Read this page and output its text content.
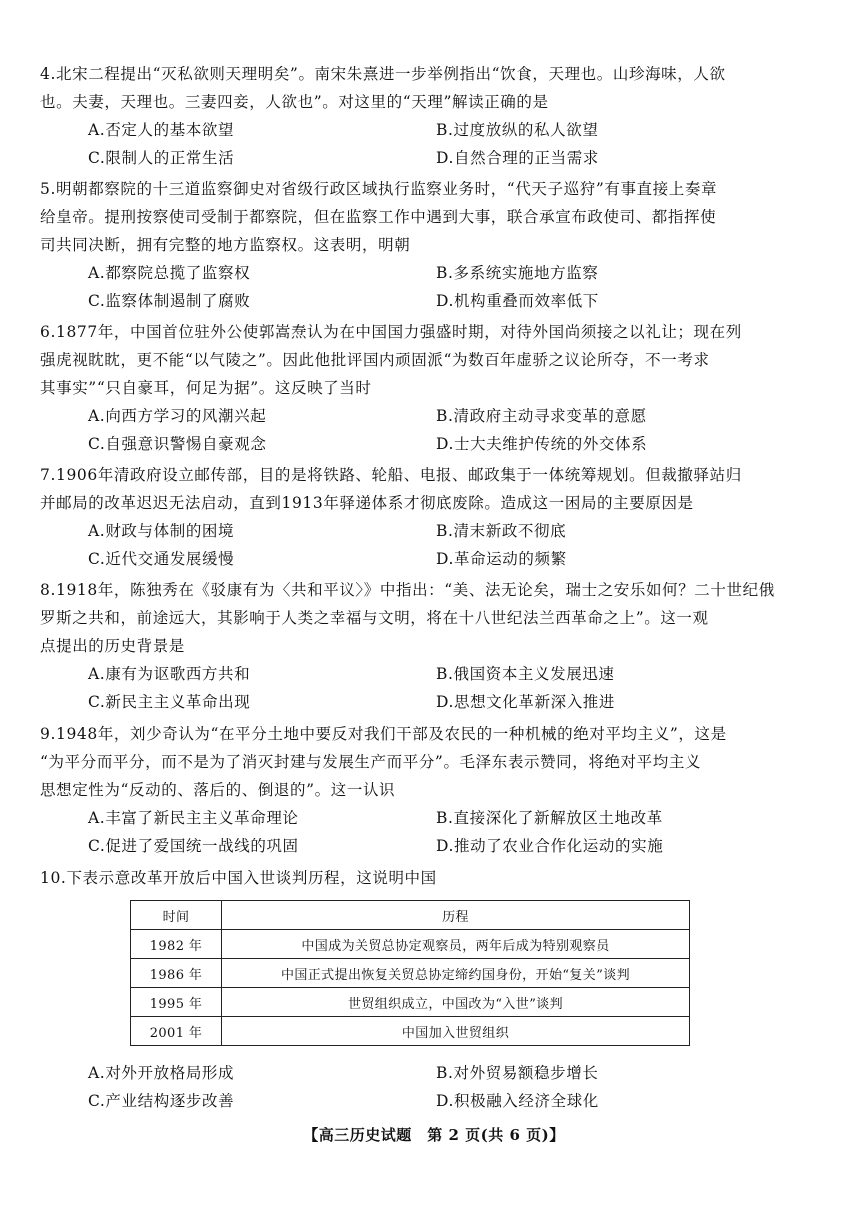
4.北宋二程提出“灭私欲则天理明矣”。南宋朱熹进一步举例指出“饮食，天理也。山珍海味，人欲

也。夫妻，天理也。三妻四妾，人欲也”。对这里的“天理”解读正确的是

A.否定人的基本欲望	B.过度放纵的私人欲望
C.限制人的正常生活	D.自然合理的正当需求

5.明朝都察院的十三道监察御史对省级行政区域执行监察业务时，“代天子巡狩”有事直接上奏章

给皇帝。提刑按察使司受制于都察院，但在监察工作中遇到大事，联合承宣布政使司、都指挥使

司共同决断，拥有完整的地方监察权。这表明，明朝

A.都察院总揽了监察权	B.多系统实施地方监察
C.监察体制遏制了腐败	D.机构重叠而效率低下

6.1877年，中国首位驻外公使郭嵩焘认为在中国国力强盛时期，对待外国尚须接之以礼让；现在列

强虎视眈眈，更不能“以气陵之”。因此他批评国内顽固派“为数百年虚骄之议论所夺，不一考求

其事实”“只自豪耳，何足为据”。这反映了当时

A.向西方学习的风潮兴起	B.清政府主动寻求变革的意愿
C.自强意识警惕自豪观念	D.士大夫维护传统的外交体系

7.1906年清政府设立邮传部，目的是将铁路、轮船、电报、邮政集于一体统筹规划。但裁撤驿站归

并邮局的改革迟迟无法启动，直到1913年驿递体系才彻底废除。造成这一困局的主要原因是

A.财政与体制的困境	B.清末新政不彻底
C.近代交通发展缓慢	D.革命运动的频繁

8.1918年，陈独秀在《驳康有为〈共和平议〉》中指出：“美、法无论矣，瑞士之安乐如何？二十世纪俄

罗斯之共和，前途远大，其影响于人类之幸福与文明，将在十八世纪法兰西革命之上”。这一观

点提出的历史背景是

A.康有为讴歌西方共和	B.俄国资本主义发展迅速
C.新民主主义革命出现	D.思想文化革新深入推进

9.1948年，刘少奇认为“在平分土地中要反对我们干部及农民的一种机械的绝对平均主义”，这是

“为平分而平分，而不是为了消灭封建与发展生产而平分”。毛泽东表示赞同，将绝对平均主义

思想定性为“反动的、落后的、倒退的”。这一认识

A.丰富了新民主主义革命理论	B.直接深化了新解放区土地改革
C.促进了爱国统一战线的巩固	D.推动了农业合作化运动的实施

10.下表示意改革开放后中国入世谈判历程，这说明中国

时间	历程
1982 年	中国成为关贸总协定观察员，两年后成为特别观察员
1986 年	中国正式提出恢复关贸总协定缔约国身份，开始“复关”谈判
1995 年	世贸组织成立，中国改为“入世”谈判
2001 年	中国加入世贸组织
A.对外开放格局形成	B.对外贸易额稳步增长
C.产业结构逐步改善	D.积极融入经济全球化
【高三历史试题　第 2 页(共 6 页)】
